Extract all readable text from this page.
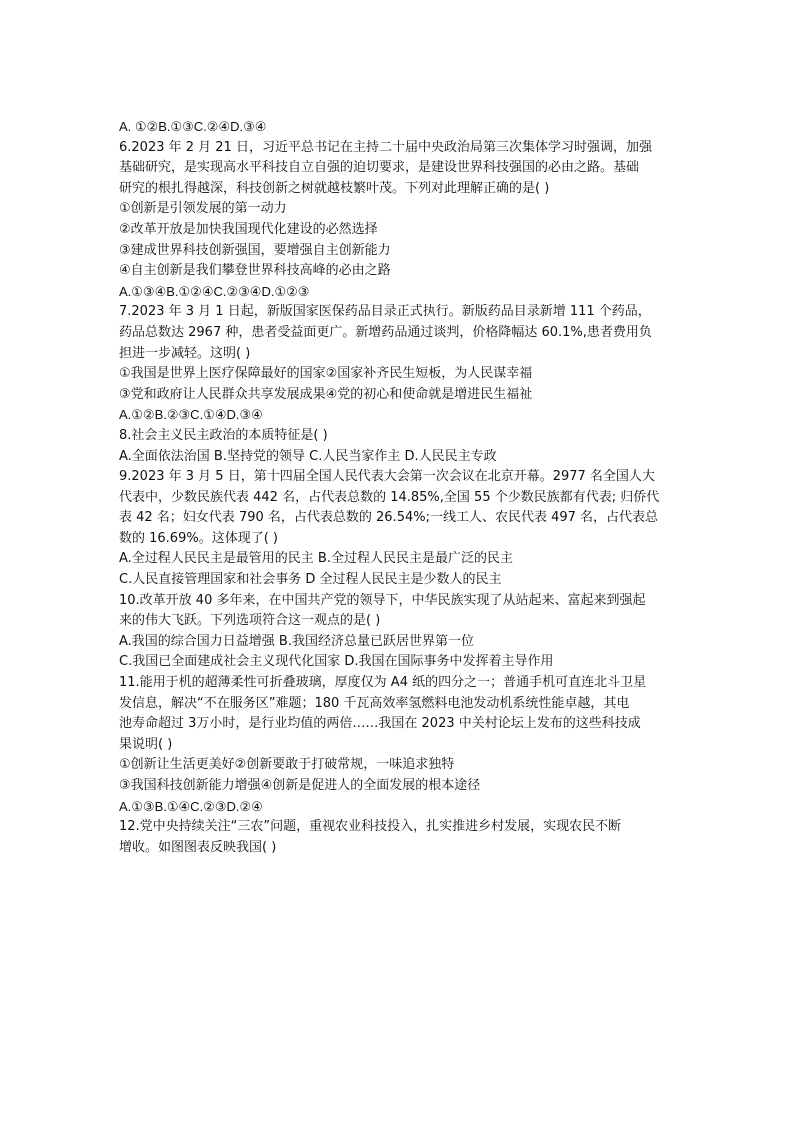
A. ①②B.①③C.②④D.③④
6.2023 年 2 月 21 日，习近平总书记在主持二十届中央政治局第三次集体学习时强调，加强
基础研究，是实现高水平科技自立自强的迫切要求，是建设世界科技强国的必由之路。基础
研究的根扎得越深，科技创新之树就越枝繁叶茂。下列对此理解正确的是( )
①创新是引领发展的第一动力
②改革开放是加快我国现代化建设的必然选择
③建成世界科技创新强国，要增强自主创新能力
④自主创新是我们攀登世界科技高峰的必由之路
A.①③④B.①②④C.②③④D.①②③
7.2023 年 3 月 1 日起，新版国家医保药品目录正式执行。新版药品目录新增 111 个药品，
药品总数达 2967 种，患者受益面更广。新增药品通过谈判，价格降幅达 60.1%,患者费用负
担进一步减轻。这明( )
①我国是世界上医疗保障最好的国家②国家补齐民生短板，为人民谋幸福
③党和政府让人民群众共享发展成果④党的初心和使命就是增进民生福祉
A.①②B.②③C.①④D.③④
8.社会主义民主政治的本质特征是( )
A.全面依法治国 B.坚持党的领导 C.人民当家作主 D.人民民主专政
9.2023 年 3 月 5 日，第十四届全国人民代表大会第一次会议在北京开幕。2977 名全国人大
代表中，少数民族代表 442 名，占代表总数的 14.85%,全国 55 个少数民族都有代表; 归侨代
表 42 名；妇女代表 790 名，占代表总数的 26.54%;一线工人、农民代表 497 名，占代表总
数的 16.69%。这体现了( )
A.全过程人民民主是最管用的民主 B.全过程人民民主是最广泛的民主
C.人民直接管理国家和社会事务 D 全过程人民民主是少数人的民主
10.改革开放 40 多年来，在中国共产党的领导下，中华民族实现了从站起来、富起来到强起
来的伟大飞跃。下列选项符合这一观点的是( )
A.我国的综合国力日益增强 B.我国经济总量已跃居世界第一位
C.我国已全面建成社会主义现代化国家 D.我国在国际事务中发挥着主导作用
11.能用于机的超薄柔性可折叠玻璃，厚度仅为 A4 纸的四分之一；普通手机可直连北斗卫星
发信息，解决“不在服务区”难题；180 千瓦高效率氢燃料电池发动机系统性能卓越，其电
池寿命超过 3万小时，是行业均值的两倍……我国在 2023 中关村论坛上发布的这些科技成
果说明( )
①创新让生活更美好②创新要敢于打破常规，一味追求独特
③我国科技创新能力增强④创新是促进人的全面发展的根本途径
A.①③B.①④C.②③D.②④
12.党中央持续关注“三农”问题，重视农业科技投入，扎实推进乡村发展，实现农民不断
增收。如图图表反映我国( )
